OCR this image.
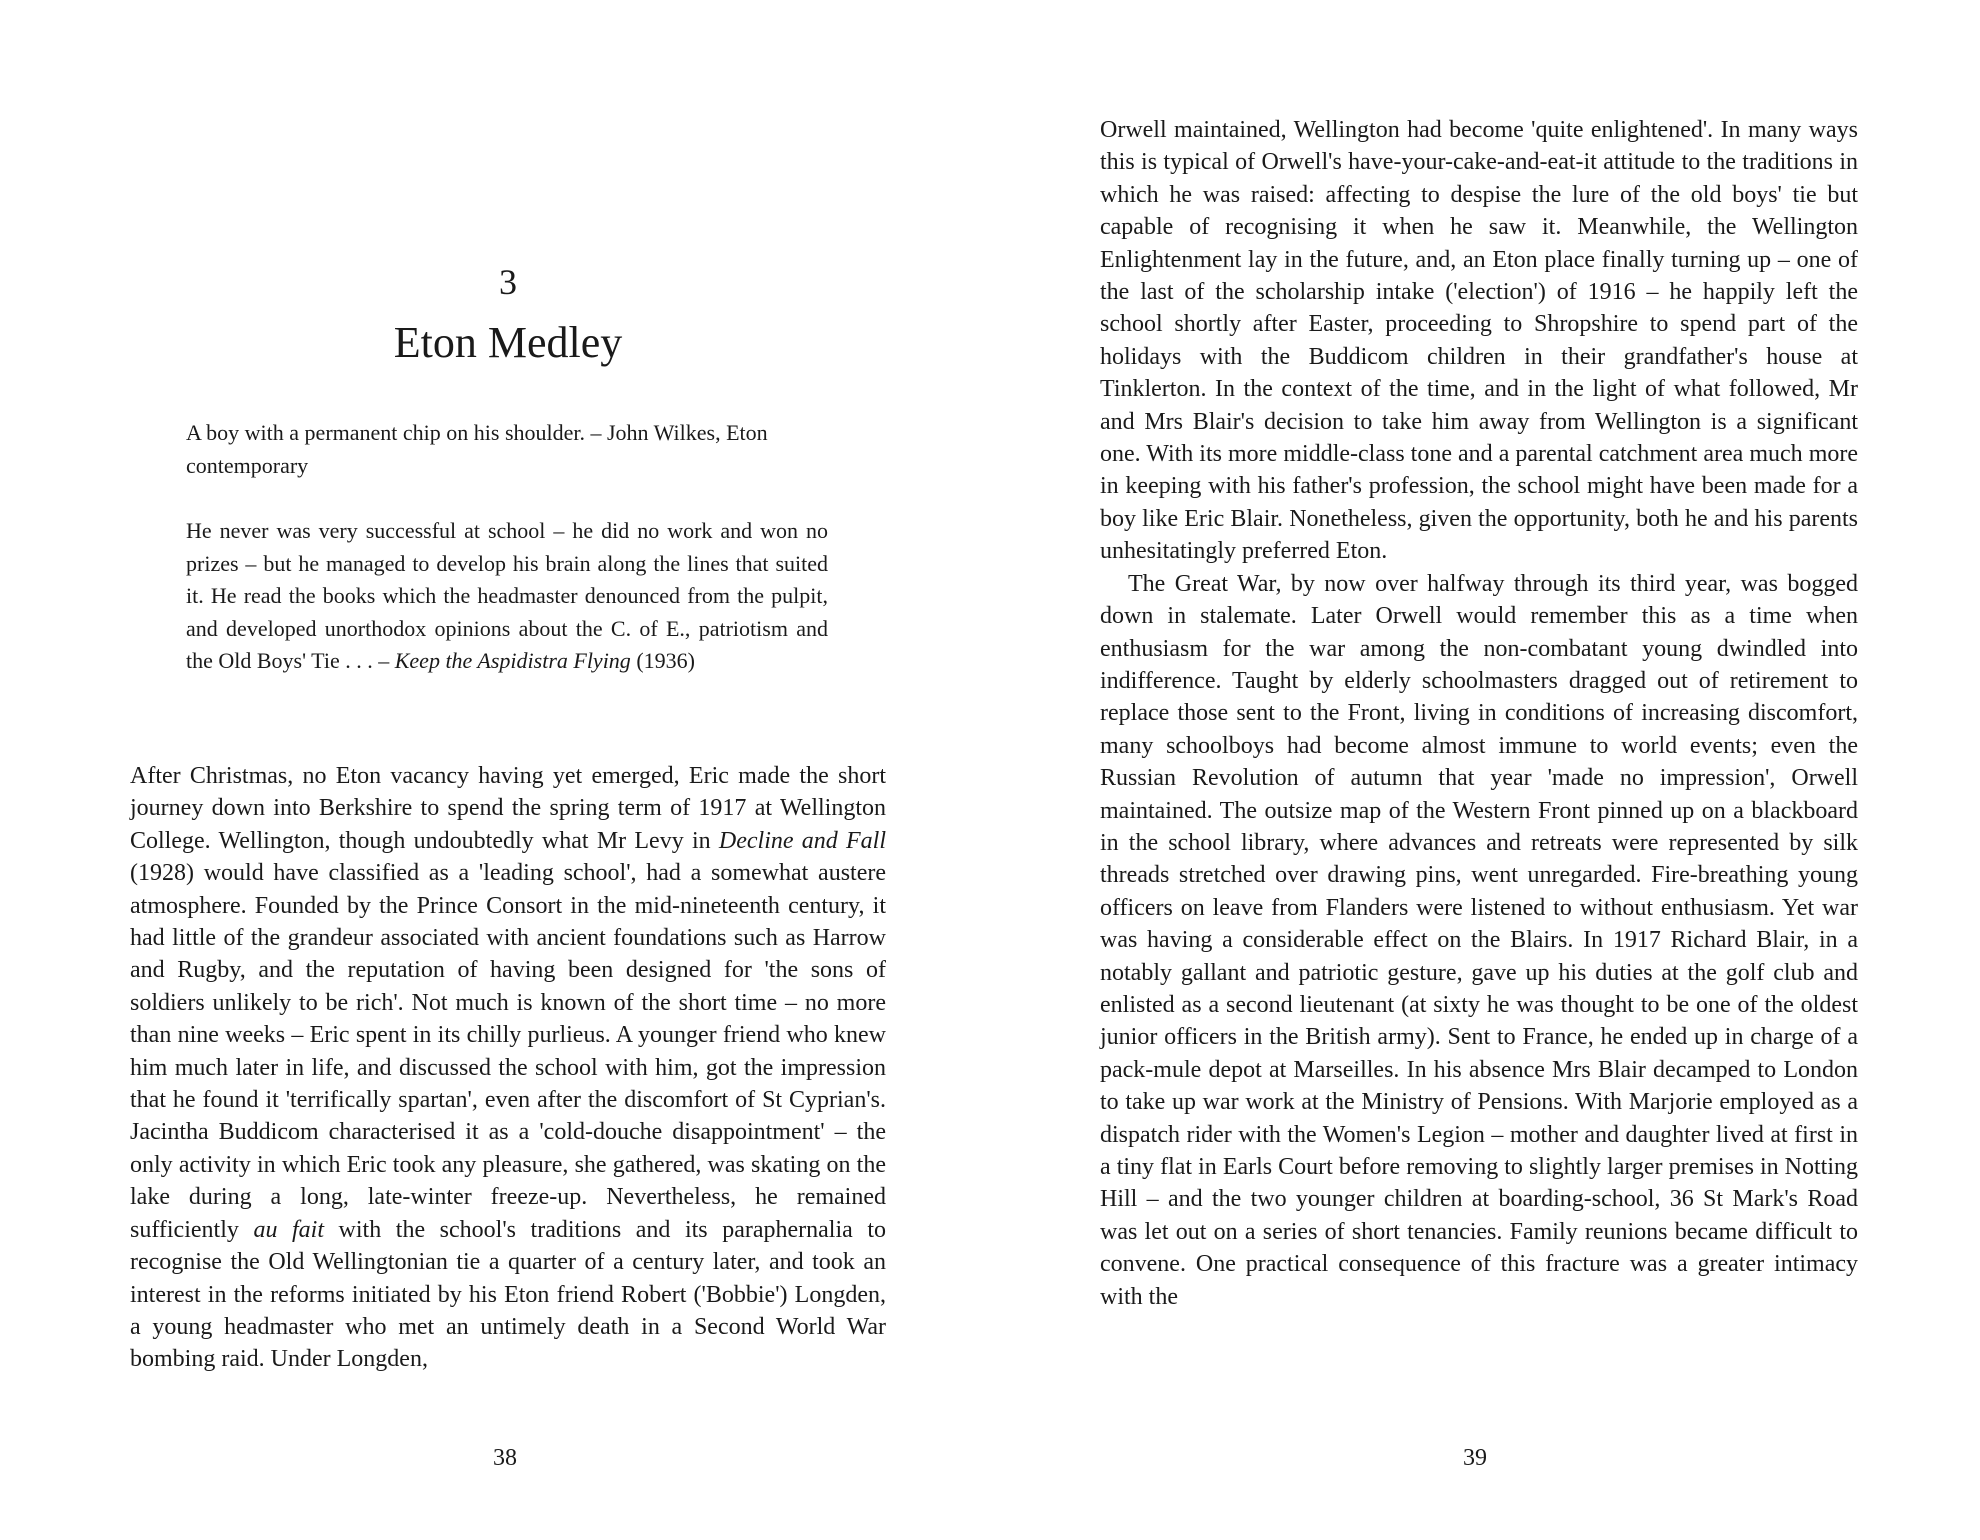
3
Eton Medley

A boy with a permanent chip on his shoulder. – John Wilkes, Eton contemporary

He never was very successful at school – he did no work and won no prizes – but he managed to develop his brain along the lines that suited it. He read the books which the headmaster denounced from the pulpit, and developed unorthodox opinions about the C. of E., patriotism and the Old Boys' Tie . . . – Keep the Aspidistra Flying (1936)

After Christmas, no Eton vacancy having yet emerged, Eric made the short journey down into Berkshire to spend the spring term of 1917 at Wellington College. Wellington, though undoubtedly what Mr Levy in Decline and Fall (1928) would have classified as a 'leading school', had a somewhat austere atmosphere. Founded by the Prince Consort in the mid-nineteenth century, it had little of the grandeur associated with ancient foundations such as Harrow and Rugby, and the reputation of having been designed for 'the sons of soldiers unlikely to be rich'. Not much is known of the short time – no more than nine weeks – Eric spent in its chilly purlieus. A younger friend who knew him much later in life, and discussed the school with him, got the impression that he found it 'terrifically spartan', even after the discomfort of St Cyprian's. Jacintha Buddicom characterised it as a 'cold-douche disappointment' – the only activity in which Eric took any pleasure, she gathered, was skating on the lake during a long, late-winter freeze-up. Nevertheless, he remained sufficiently au fait with the school's traditions and its paraphernalia to recognise the Old Wellingtonian tie a quarter of a century later, and took an interest in the reforms initiated by his Eton friend Robert ('Bobbie') Longden, a young headmaster who met an untimely death in a Second World War bombing raid. Under Longden,

38

Orwell maintained, Wellington had become 'quite enlightened'. In many ways this is typical of Orwell's have-your-cake-and-eat-it attitude to the traditions in which he was raised: affecting to despise the lure of the old boys' tie but capable of recognising it when he saw it. Meanwhile, the Wellington Enlightenment lay in the future, and, an Eton place finally turning up – one of the last of the scholarship intake ('election') of 1916 – he happily left the school shortly after Easter, proceeding to Shropshire to spend part of the holidays with the Buddicom children in their grandfather's house at Tinklerton. In the context of the time, and in the light of what followed, Mr and Mrs Blair's decision to take him away from Wellington is a significant one. With its more middle-class tone and a parental catchment area much more in keeping with his father's profession, the school might have been made for a boy like Eric Blair. Nonetheless, given the opportunity, both he and his parents unhesitatingly preferred Eton.

The Great War, by now over halfway through its third year, was bogged down in stalemate. Later Orwell would remember this as a time when enthusiasm for the war among the non-combatant young dwindled into indifference. Taught by elderly schoolmasters dragged out of retirement to replace those sent to the Front, living in conditions of increasing discomfort, many schoolboys had become almost immune to world events; even the Russian Revolution of autumn that year 'made no impression', Orwell maintained. The outsize map of the Western Front pinned up on a blackboard in the school library, where advances and retreats were represented by silk threads stretched over drawing pins, went unregarded. Fire-breathing young officers on leave from Flanders were listened to without enthusiasm. Yet war was having a considerable effect on the Blairs. In 1917 Richard Blair, in a notably gallant and patriotic gesture, gave up his duties at the golf club and enlisted as a second lieutenant (at sixty he was thought to be one of the oldest junior officers in the British army). Sent to France, he ended up in charge of a pack-mule depot at Marseilles. In his absence Mrs Blair decamped to London to take up war work at the Ministry of Pensions. With Marjorie employed as a dispatch rider with the Women's Legion – mother and daughter lived at first in a tiny flat in Earls Court before removing to slightly larger premises in Notting Hill – and the two younger children at boarding-school, 36 St Mark's Road was let out on a series of short tenancies. Family reunions became difficult to convene. One practical consequence of this fracture was a greater intimacy with the

39
